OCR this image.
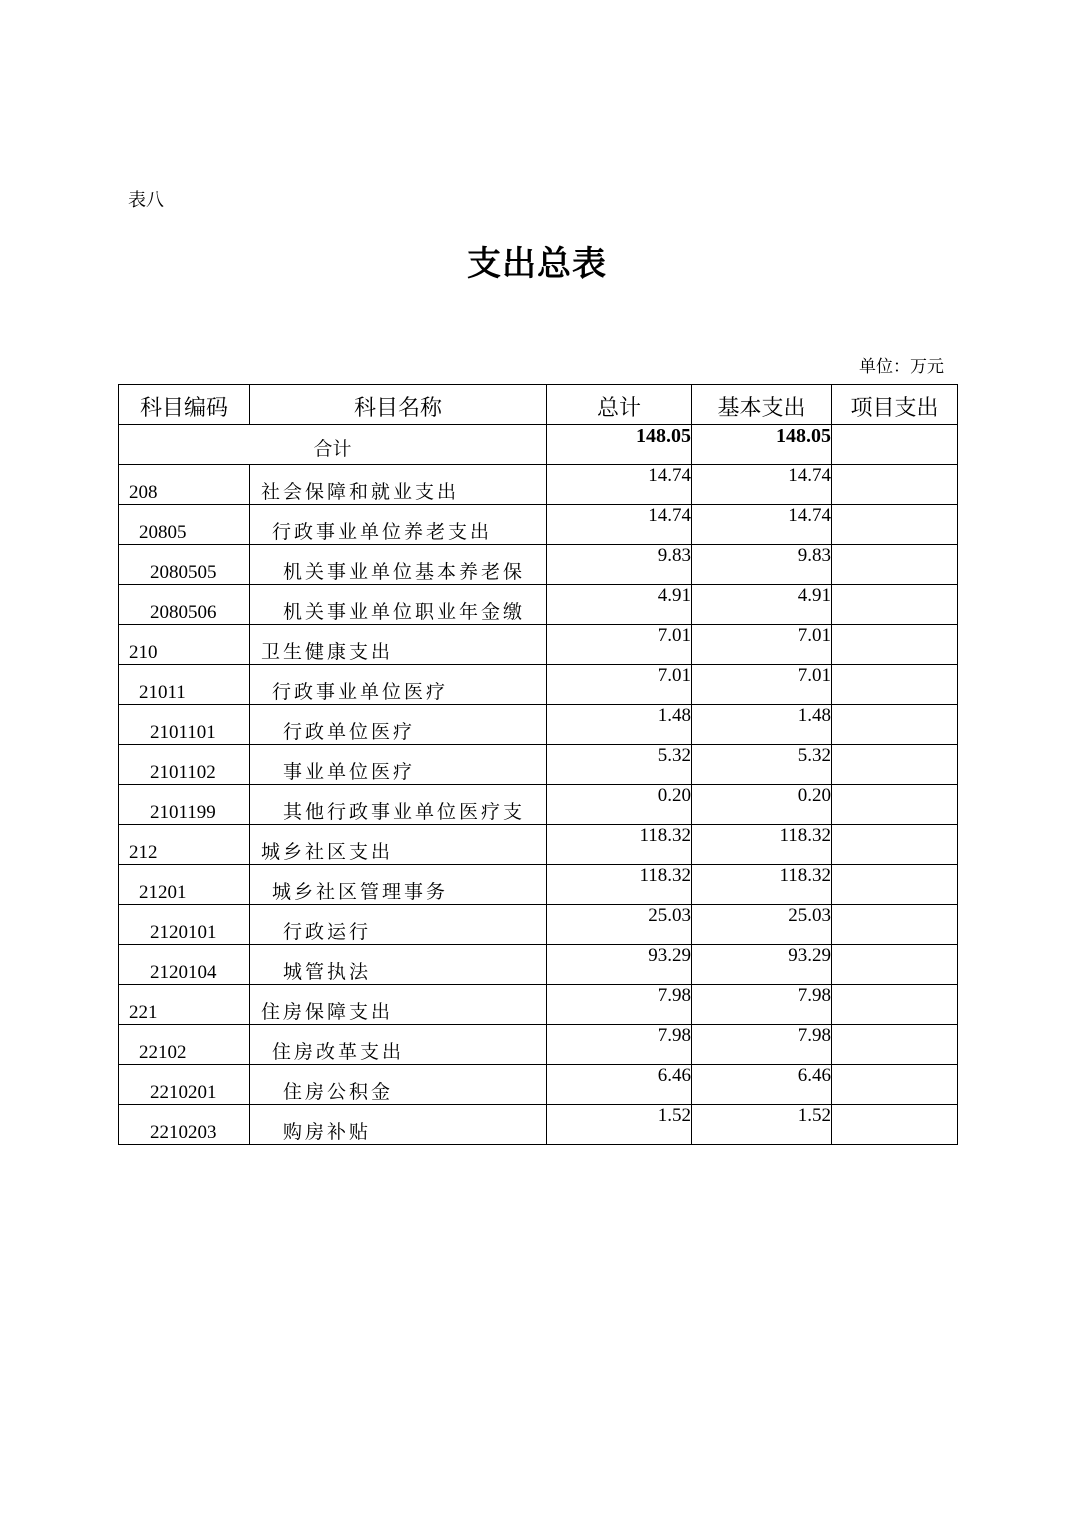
表八
支出总表
单位：万元
科目编码	科目名称	总计	基本支出	项目支出
合计		148.05	148.05	
208	社会保障和就业支出	14.74	14.74	
20805	行政事业单位养老支出	14.74	14.74	
2080505	机关事业单位基本养老保	9.83	9.83	
2080506	机关事业单位职业年金缴	4.91	4.91	
210	卫生健康支出	7.01	7.01	
21011	行政事业单位医疗	7.01	7.01	
2101101	行政单位医疗	1.48	1.48	
2101102	事业单位医疗	5.32	5.32	
2101199	其他行政事业单位医疗支	0.20	0.20	
212	城乡社区支出	118.32	118.32	
21201	城乡社区管理事务	118.32	118.32	
2120101	行政运行	25.03	25.03	
2120104	城管执法	93.29	93.29	
221	住房保障支出	7.98	7.98	
22102	住房改革支出	7.98	7.98	
2210201	住房公积金	6.46	6.46	
2210203	购房补贴	1.52	1.52	
